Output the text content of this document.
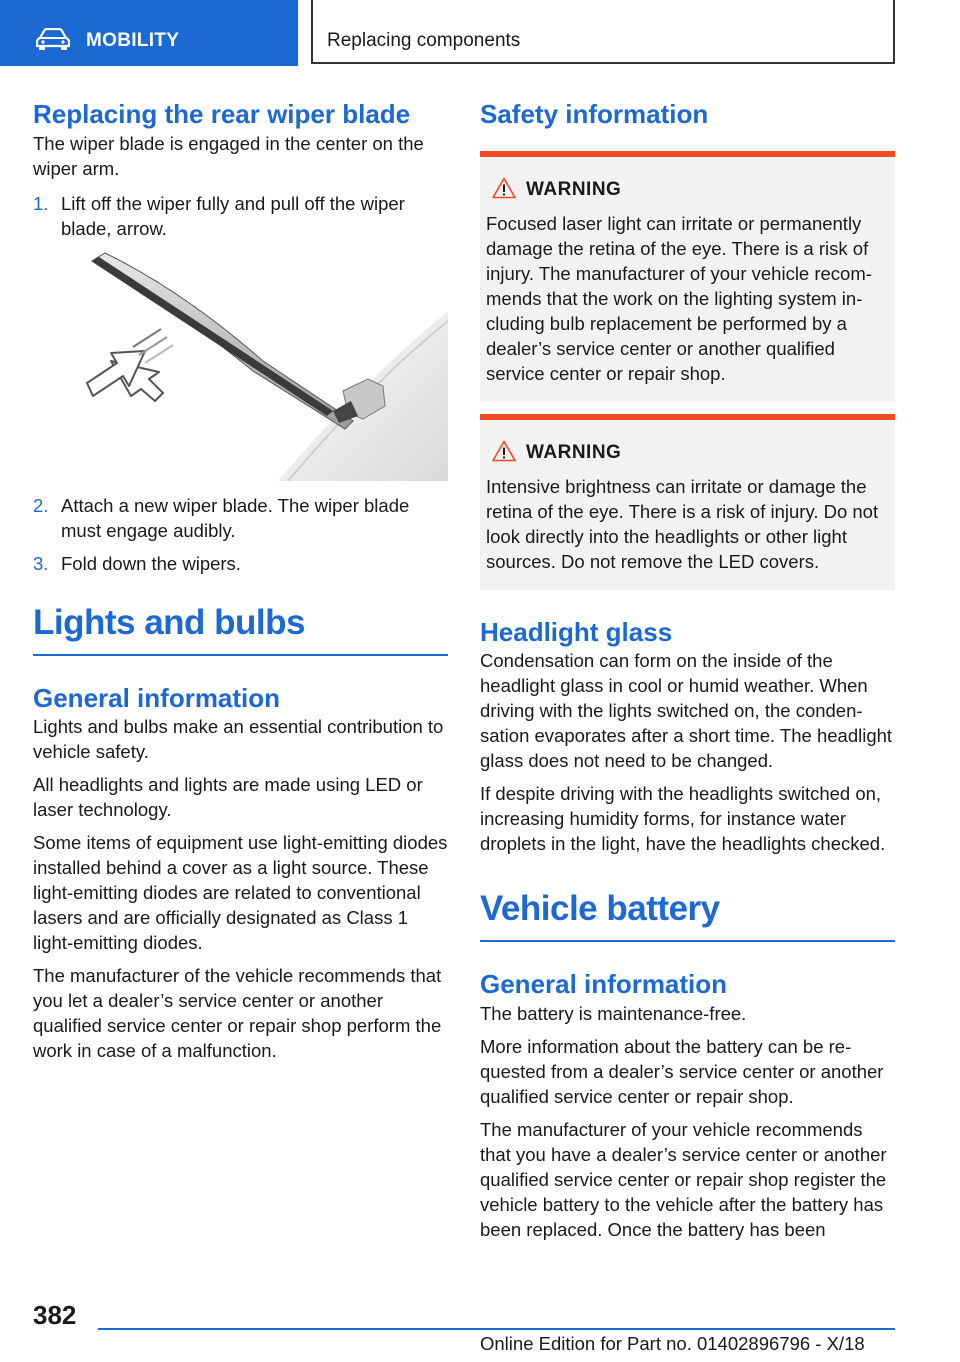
MOBILITY	Replacing components
Replacing the rear wiper blade

The wiper blade is engaged in the center on the wiper arm.

1. Lift off the wiper fully and pull off the wiper blade, arrow.
2. Attach a new wiper blade. The wiper blade must engage audibly.
3. Fold down the wipers.
Lights and bulbs
General information

Lights and bulbs make an essential contribution to vehicle safety.

All headlights and lights are made using LED or laser technology.

Some items of equipment use light-emitting diodes installed behind a cover as a light source. These light-emitting diodes are related to conventional lasers and are officially designated as Class 1 light-emitting diodes.

The manufacturer of the vehicle recommends that you let a dealer’s service center or another qualified service center or repair shop perform the work in case of a malfunction.

Safety information
WARNING

Focused laser light can irritate or permanently damage the retina of the eye. There is a risk of injury. The manufacturer of your vehicle recommends that the work on the lighting system including bulb replacement be performed by a dealer’s service center or another qualified service center or repair shop.

WARNING

Intensive brightness can irritate or damage the retina of the eye. There is a risk of injury. Do not look directly into the headlights or other light sources. Do not remove the LED covers.

Headlight glass

Condensation can form on the inside of the headlight glass in cool or humid weather. When driving with the lights switched on, the condensation evaporates after a short time. The headlight glass does not need to be changed.

If despite driving with the headlights switched on, increasing humidity forms, for instance water droplets in the light, have the headlights checked.

Vehicle battery
General information

The battery is maintenance-free.

More information about the battery can be requested from a dealer’s service center or another qualified service center or repair shop.

The manufacturer of your vehicle recommends that you have a dealer’s service center or another qualified service center or repair shop register the vehicle battery to the vehicle after the battery has been replaced. Once the battery has been

382
Online Edition for Part no. 01402896796 - X/18
